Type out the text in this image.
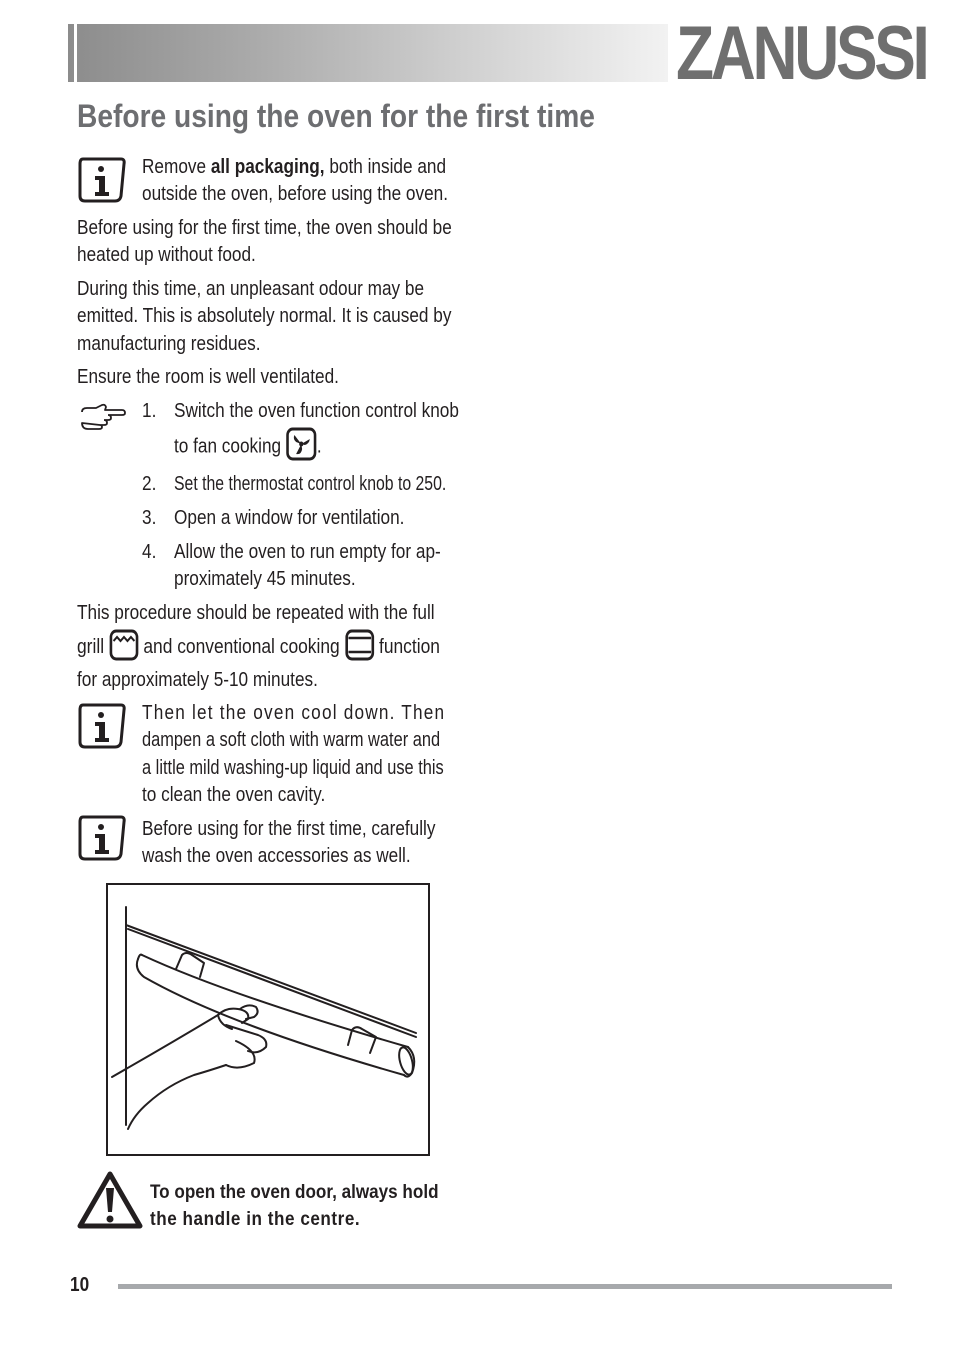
ZANUSSI
Before using the oven for the first time
Remove all packaging, both inside and
outside the oven, before using the oven.
Before using for the first time, the oven should be
heated up without food.
During this time, an unpleasant odour may be
emitted. This is absolutely normal. It is caused by
manufacturing residues.
Ensure the room is well ventilated.
1. Switch the oven function control knob
to fan cooking .
2. Set the thermostat control knob to 250.
3. Open a window for ventilation.
4. Allow the oven to run empty for ap-
proximately 45 minutes.
This procedure should be repeated with the full
grill and conventional cooking function
for approximately 5-10 minutes.
Then let the oven cool down. Then
dampen a soft cloth with warm water and
a little mild washing-up liquid and use this
to clean the oven cavity.
Before using for the first time, carefully
wash the oven accessories as well.
To open the oven door, always hold
the handle in the centre.
10
